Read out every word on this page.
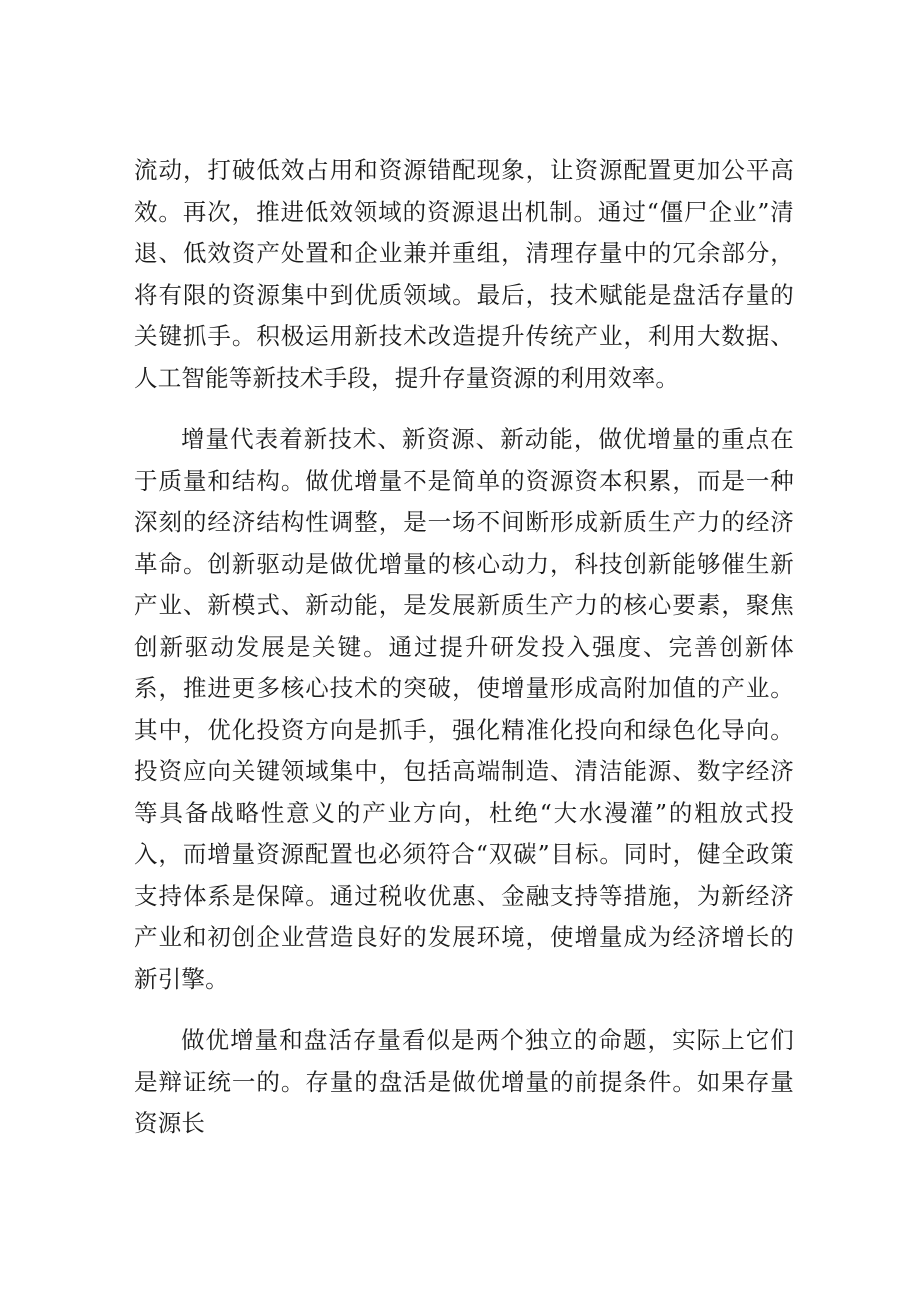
流动，打破低效占用和资源错配现象，让资源配置更加公平高效。再次，推进低效领域的资源退出机制。通过“僵尸企业”清退、低效资产处置和企业兼并重组，清理存量中的冗余部分，将有限的资源集中到优质领域。最后，技术赋能是盘活存量的关键抓手。积极运用新技术改造提升传统产业，利用大数据、人工智能等新技术手段，提升存量资源的利用效率。

增量代表着新技术、新资源、新动能，做优增量的重点在于质量和结构。做优增量不是简单的资源资本积累，而是一种深刻的经济结构性调整，是一场不间断形成新质生产力的经济革命。创新驱动是做优增量的核心动力，科技创新能够催生新产业、新模式、新动能，是发展新质生产力的核心要素，聚焦创新驱动发展是关键。通过提升研发投入强度、完善创新体系，推进更多核心技术的突破，使增量形成高附加值的产业。其中，优化投资方向是抓手，强化精准化投向和绿色化导向。投资应向关键领域集中，包括高端制造、清洁能源、数字经济等具备战略性意义的产业方向，杜绝“大水漫灌”的粗放式投入，而增量资源配置也必须符合“双碳”目标。同时，健全政策支持体系是保障。通过税收优惠、金融支持等措施，为新经济产业和初创企业营造良好的发展环境，使增量成为经济增长的新引擎。

做优增量和盘活存量看似是两个独立的命题，实际上它们是辩证统一的。存量的盘活是做优增量的前提条件。如果存量资源长
